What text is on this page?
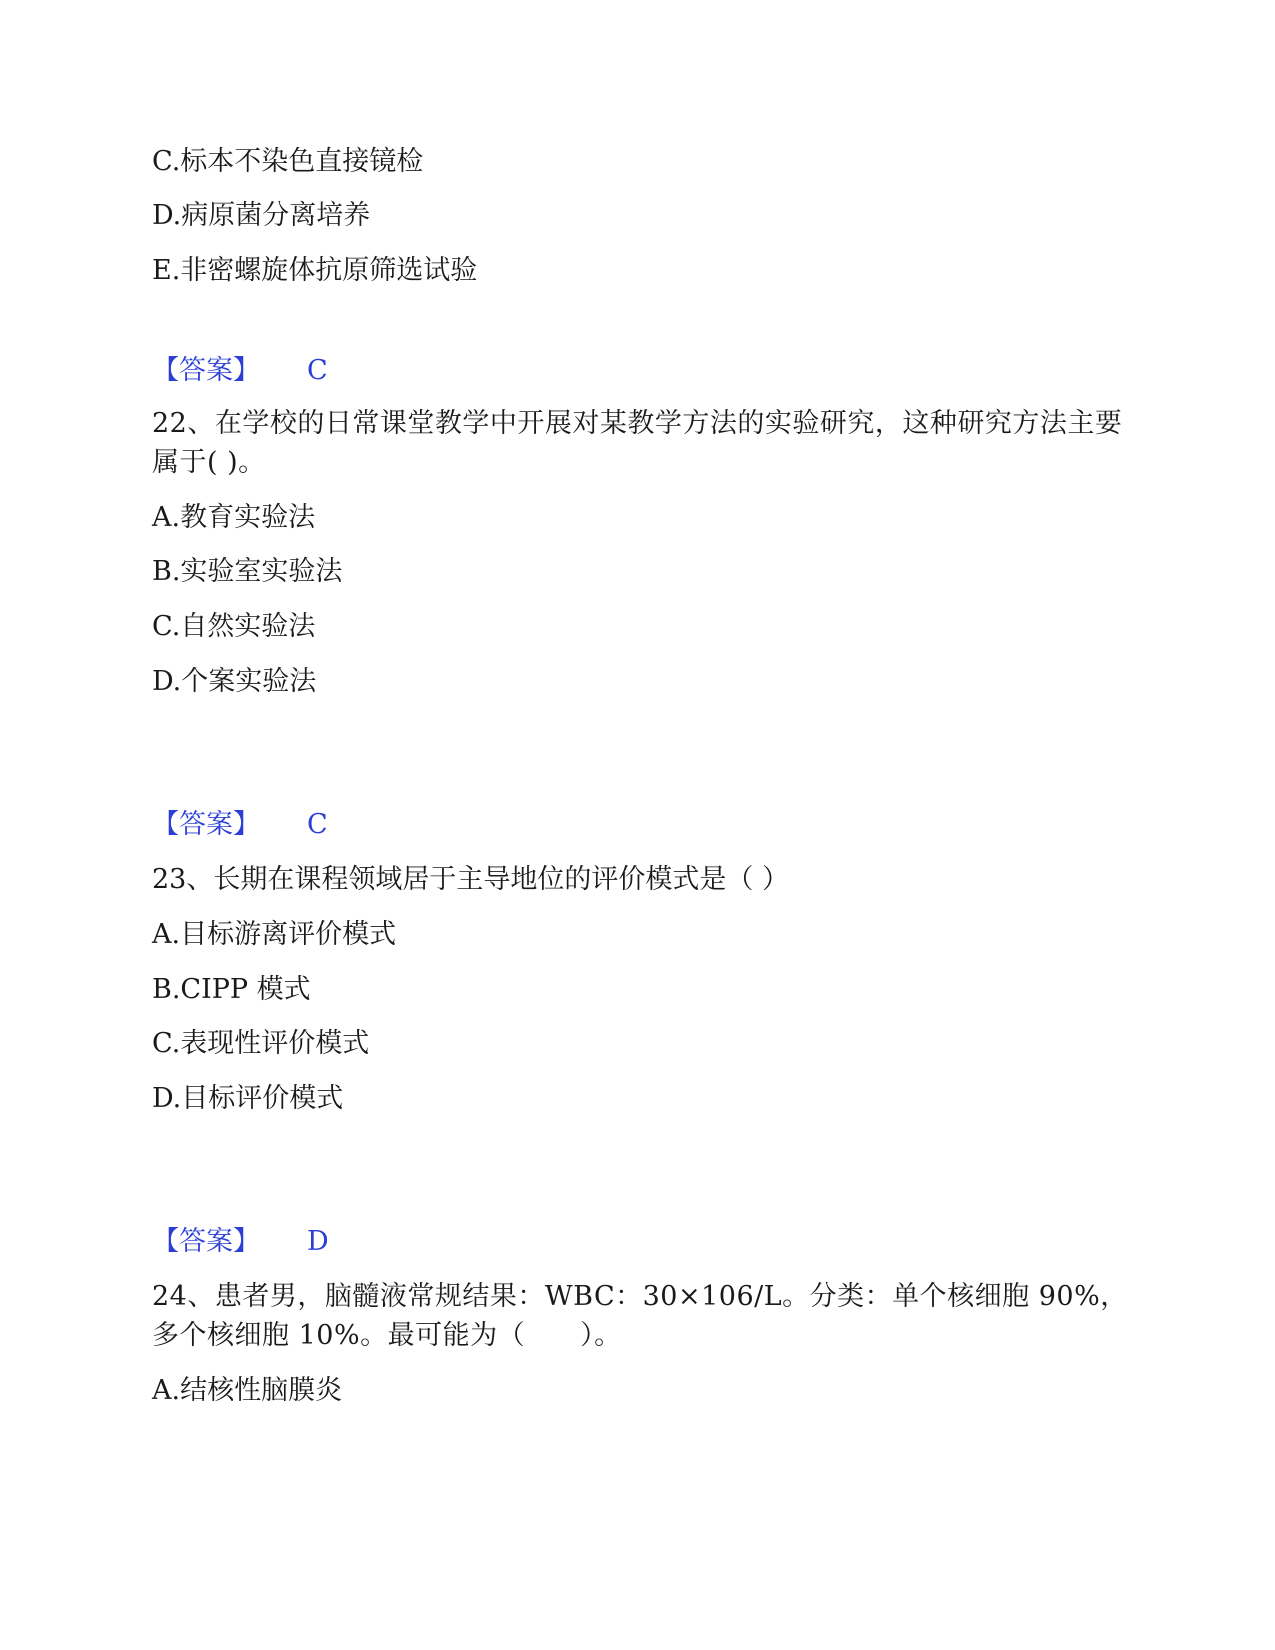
C.标本不染色直接镜检
D.病原菌分离培养
E.非密螺旋体抗原筛选试验
【答案】 C
22、在学校的日常课堂教学中开展对某教学方法的实验研究，这种研究方法主要属于( )。
A.教育实验法
B.实验室实验法
C.自然实验法
D.个案实验法
【答案】 C
23、长期在课程领域居于主导地位的评价模式是（ ）
A.目标游离评价模式
B.CIPP 模式
C.表现性评价模式
D.目标评价模式
【答案】 D
24、患者男，脑髓液常规结果：WBC：30×106/L。分类：单个核细胞 90%，多个核细胞 10%。最可能为（　　）。
A.结核性脑膜炎
